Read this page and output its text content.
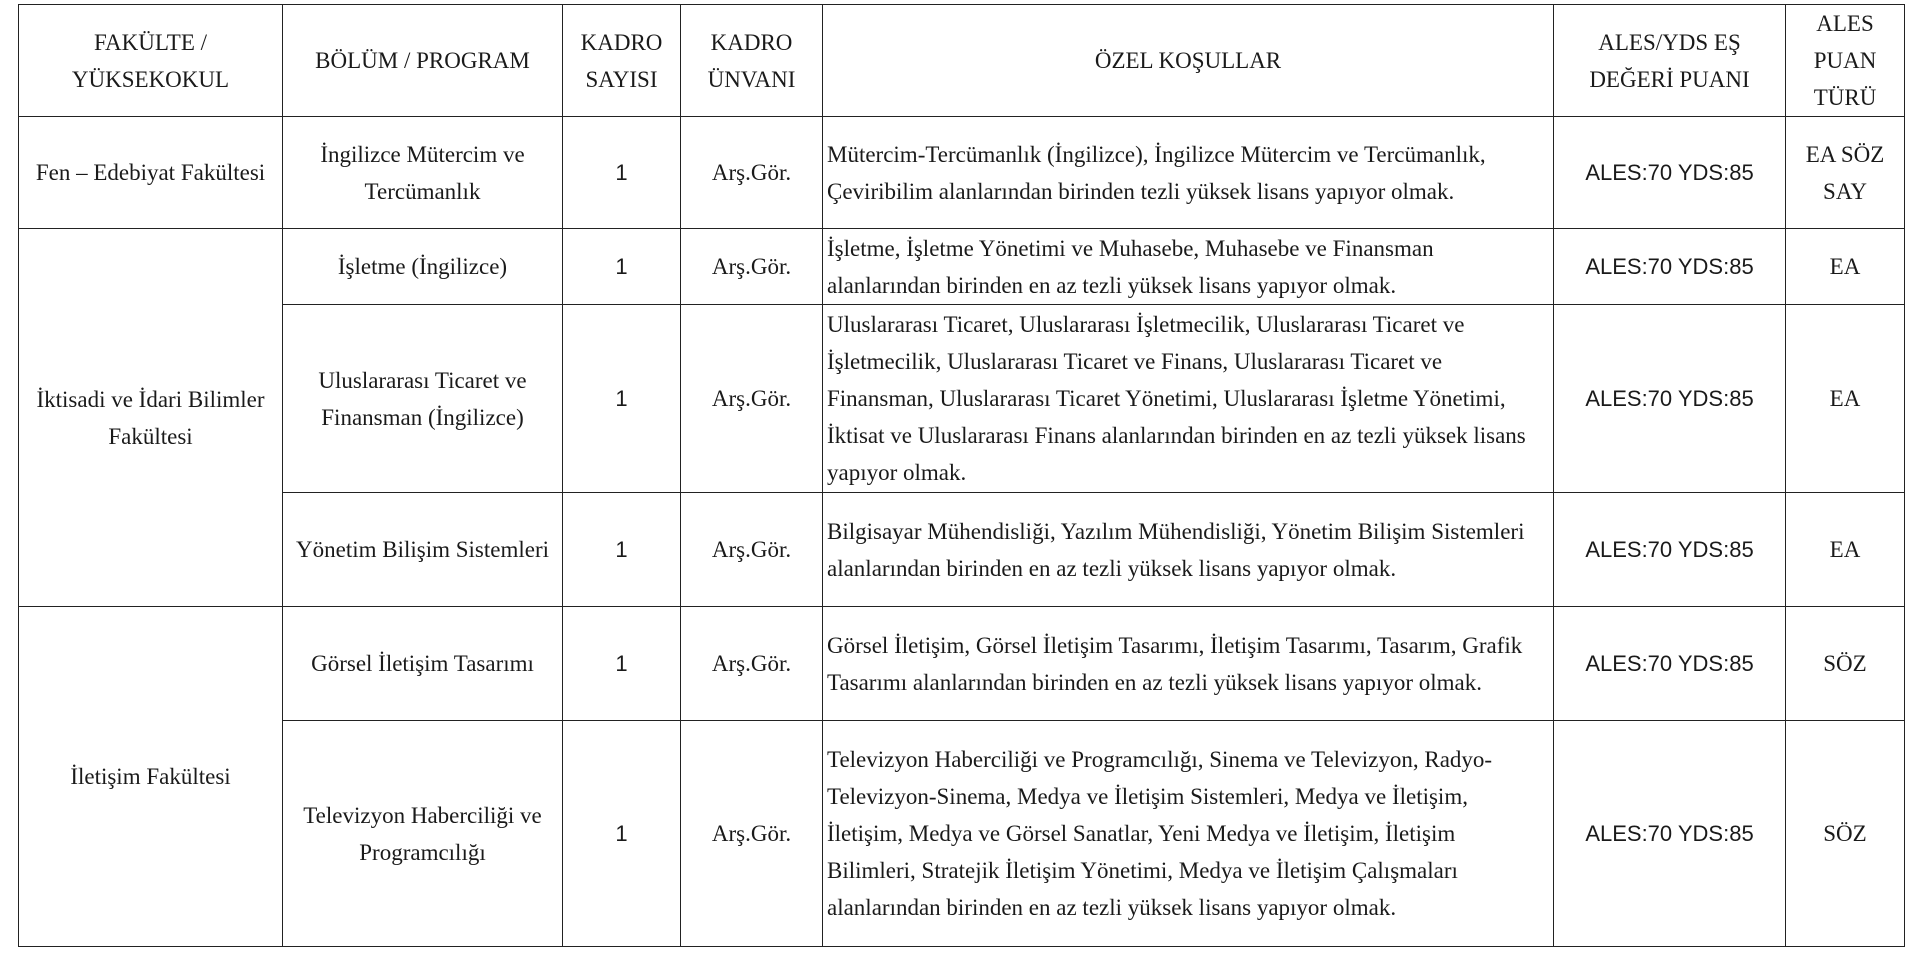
FAKÜLTE / YÜKSEKOKUL	BÖLÜM / PROGRAM	KADRO SAYISI	KADRO ÜNVANI	ÖZEL KOŞULLAR	ALES/YDS EŞ DEĞERİ PUANI	ALES PUAN TÜRÜ
Fen – Edebiyat Fakültesi	İngilizce Mütercim ve Tercümanlık	1	Arş.Gör.	Mütercim-Tercümanlık (İngilizce), İngilizce Mütercim ve Tercümanlık, Çeviribilim alanlarından birinden tezli yüksek lisans yapıyor olmak.	ALES:70 YDS:85	EA SÖZ SAY
İktisadi ve İdari Bilimler Fakültesi	İşletme (İngilizce)	1	Arş.Gör.	İşletme, İşletme Yönetimi ve Muhasebe, Muhasebe ve Finansman alanlarından birinden en az tezli yüksek lisans yapıyor olmak.	ALES:70 YDS:85	EA
	Uluslararası Ticaret ve Finansman (İngilizce)	1	Arş.Gör.	Uluslararası Ticaret, Uluslararası İşletmecilik, Uluslararası Ticaret ve İşletmecilik, Uluslararası Ticaret ve Finans, Uluslararası Ticaret ve Finansman, Uluslararası Ticaret Yönetimi, Uluslararası İşletme Yönetimi, İktisat ve Uluslararası Finans alanlarından birinden en az tezli yüksek lisans yapıyor olmak.	ALES:70 YDS:85	EA
	Yönetim Bilişim Sistemleri	1	Arş.Gör.	Bilgisayar Mühendisliği, Yazılım Mühendisliği, Yönetim Bilişim Sistemleri alanlarından birinden en az tezli yüksek lisans yapıyor olmak.	ALES:70 YDS:85	EA
İletişim Fakültesi	Görsel İletişim Tasarımı	1	Arş.Gör.	Görsel İletişim, Görsel İletişim Tasarımı, İletişim Tasarımı, Tasarım, Grafik Tasarımı alanlarından birinden en az tezli yüksek lisans yapıyor olmak.	ALES:70 YDS:85	SÖZ
	Televizyon Haberciliği ve Programcılığı	1	Arş.Gör.	Televizyon Haberciliği ve Programcılığı, Sinema ve Televizyon, Radyo- Televizyon-Sinema, Medya ve İletişim Sistemleri, Medya ve İletişim, İletişim, Medya ve Görsel Sanatlar, Yeni Medya ve İletişim, İletişim Bilimleri, Stratejik İletişim Yönetimi, Medya ve İletişim Çalışmaları alanlarından birinden en az tezli yüksek lisans yapıyor olmak.	ALES:70 YDS:85	SÖZ
